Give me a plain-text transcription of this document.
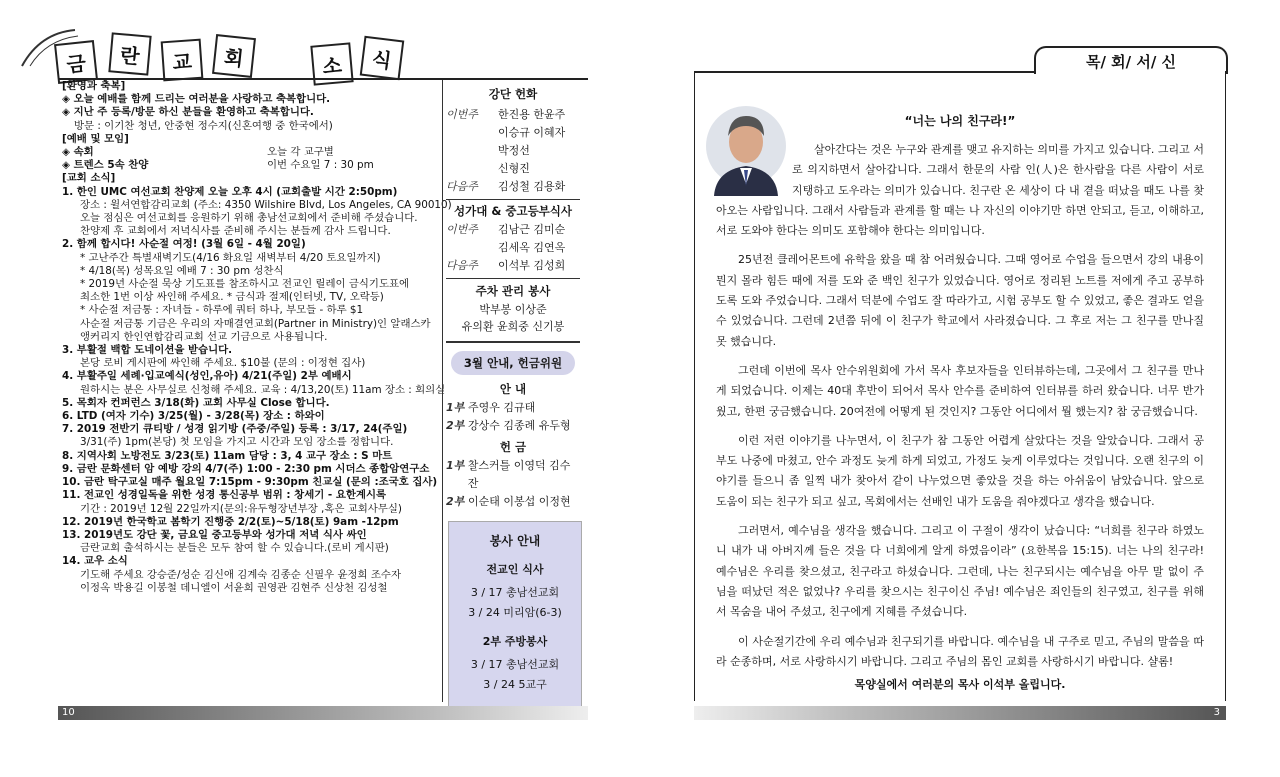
금	란	교	회	소	식

[환영과 축복]

◈ 오늘 예배를 함께 드리는 여러분을 사랑하고 축복합니다.

◈ 지난 주 등록/방문 하신 분들을 환영하고 축복합니다.

방문 : 이기찬 청년, 안중현 정수지(신혼여행 중 한국에서)

[예배 및 모임]

◈ 속회	오늘 각 교구별
◈ 트렌스 5속 찬양	이번 수요일 7 : 30 pm

[교회 소식]

1. 한인 UMC 여선교회 찬양제 오늘 오후 4시 (교회출발 시간 2:50pm)

장소 : 윌셔연합감리교회 (주소: 4350 Wilshire Blvd, Los Angeles, CA 90010)

오늘 점심은 여선교회를 응원하기 위해 총남선교회에서 준비해 주셨습니다.

찬양제 후 교회에서 저녁식사를 준비해 주시는 분들께 감사 드립니다.

2. 함께 합시다! 사순절 여정! (3월 6일 - 4월 20일)

* 고난주간 특별새벽기도(4/16 화요일 새벽부터 4/20 토요일까지)

* 4/18(목) 성목요일 예배 7 : 30 pm 성찬식

* 2019년 사순절 묵상 기도표를 참조하시고 전교인 릴레이 금식기도표에

최소한 1번 이상 싸인해 주세요. * 금식과 절제(인터넷, TV, 오락등)

* 사순절 저금통 : 자녀들 - 하루에 쿼터 하나, 부모들 - 하루 $1

사순절 저금통 기금은 우리의 자매결연교회(Partner in Ministry)인 알래스카

앵커리지 한인연합감리교회 선교 기금으로 사용됩니다.

3. 부활절 백합 도네이션을 받습니다.

본당 로비 게시판에 싸인해 주세요. $10불 (문의 : 이정현 집사)

4. 부활주일 세례·입교예식(성인,유아) 4/21(주일) 2부 예배시

원하시는 분은 사무실로 신청해 주세요. 교육 : 4/13,20(토) 11am 장소 : 회의실

5. 목회자 컨퍼런스 3/18(화) 교회 사무실 Close 합니다.

6. LTD (여자 기수) 3/25(월) - 3/28(목) 장소 : 하와이

7. 2019 전반기 큐티방 / 성경 읽기방 (주중/주일) 등록 : 3/17, 24(주일)

3/31(주) 1pm(본당) 첫 모임을 가지고 시간과 모임 장소를 정합니다.

8. 지역사회 노방전도 3/23(토) 11am 담당 : 3, 4 교구 장소 : S 마트

9. 금란 문화센터 암 예방 강의 4/7(주) 1:00 - 2:30 pm 시더스 종합암연구소

10. 금란 탁구교실 매주 월요일 7:15pm - 9:30pm 친교실 (문의 :조국호 집사)

11. 전교인 성경일독을 위한 성경 통신공부 범위 : 창세기 - 요한계시록

기간 : 2019년 12월 22일까지(문의:유두형장년부장 ,혹은 교회사무실)

12. 2019년 한국학교 봄학기 진행중 2/2(토)~5/18(토) 9am -12pm

13. 2019년도 강단 꽃, 금요일 중고등부와 성가대 저녁 식사 싸인

금란교회 출석하시는 분들은 모두 참여 할 수 있습니다.(로비 게시판)

14. 교우 소식

기도해 주세요 강승준/성순 김신애 김계숙 김종순 신필우 윤정희 조수자

이정옥 박용길 이봉철 데니엘이 서윤희 권영관 김현주 신상천 김성철

강단 헌화
이번주	한진용 한윤주
이승규 이혜자
박정선
신형진
다음주	김성철 김용화
성가대 & 중고등부식사
이번주	김남근 김미순
김세옥 김연옥
다음주	이석부 김성희
주차 관리 봉사
박부봉 이상준
유의환 윤희중 신기봉
3월 안내, 헌금위원
안 내
1부 주영우 김규태
2부 강상수 김종례 유두형
헌 금
1부 찰스커틀 이영덕 김수잔
2부 이순태 이봉섭 이정현
봉사 안내
전교인 식사
3 / 17 총남선교회
3 / 24 미리암(6-3)
2부 주방봉사
3 / 17 총남선교회
3 / 24 5교구
10
목/ 회/ 서/ 신
“너는 나의 친구라!”

살아간다는 것은 누구와 관계를 맺고 유지하는 의미를 가지고 있습니다. 그리고 서로 의지하면서 살아갑니다. 그래서 한문의 사람 인(人)은 한사람을 다른 사람이 서로 지탱하고 도우라는 의미가 있습니다. 친구란 온 세상이 다 내 곁을 떠났을 때도 나를 찾아오는 사람입니다. 그래서 사람들과 관계를 할 때는 나 자신의 이야기만 하면 안되고, 듣고, 이해하고, 서로 도와야 한다는 의미도 포함해야 한다는 의미입니다.

25년전 클레어몬트에 유학을 왔을 때 참 어려웠습니다. 그때 영어로 수업을 들으면서 강의 내용이 뭔지 몰라 힘든 때에 저를 도와 준 백인 친구가 있었습니다. 영어로 정리된 노트를 저에게 주고 공부하도록 도와 주었습니다. 그래서 덕분에 수업도 잘 따라가고, 시험 공부도 할 수 있었고, 좋은 결과도 얻을 수 있었습니다. 그런데 2년쯤 뒤에 이 친구가 학교에서 사라졌습니다. 그 후로 저는 그 친구를 만나질 못 했습니다.

그런데 이번에 목사 안수위원회에 가서 목사 후보자들을 인터뷰하는데, 그곳에서 그 친구를 만나게 되었습니다. 이제는 40대 후반이 되어서 목사 안수를 준비하여 인터뷰를 하러 왔습니다. 너무 반가웠고, 한편 궁금했습니다. 20여전에 어떻게 된 것인지? 그동안 어디에서 뭘 했는지? 참 궁금했습니다.

이런 저런 이야기를 나누면서, 이 친구가 참 그동안 어렵게 살았다는 것을 알았습니다. 그래서 공부도 나중에 마쳤고, 안수 과정도 늦게 하게 되었고, 가정도 늦게 이루었다는 것입니다. 오랜 친구의 이야기를 들으니 좀 일찍 내가 찾아서 같이 나누었으면 좋았을 것을 하는 아쉬움이 남았습니다. 앞으로 도움이 되는 친구가 되고 싶고, 목회에서는 선배인 내가 도움을 줘야겠다고 생각을 했습니다.

그러면서, 예수님을 생각을 했습니다. 그리고 이 구절이 생각이 났습니다: “너희를 친구라 하였노니 내가 내 아버지께 들은 것을 다 너희에게 알게 하였음이라” (요한복음 15:15). 너는 나의 친구라! 예수님은 우리를 찾으셨고, 친구라고 하셨습니다. 그런데, 나는 친구되시는 예수님을 아무 말 없이 주님을 떠났던 적은 없었나? 우리를 찾으시는 친구이신 주님! 예수님은 죄인들의 친구였고, 친구를 위해서 목숨을 내어 주셨고, 친구에게 지혜를 주셨습니다.

이 사순절기간에 우리 예수님과 친구되기를 바랍니다. 예수님을 내 구주로 믿고, 주님의 말씀을 따라 순종하며, 서로 사랑하시기 바랍니다. 그리고 주님의 몸인 교회를 사랑하시기 바랍니다. 샬롬!

목양실에서 여러분의 목사 이석부 올립니다.
3
